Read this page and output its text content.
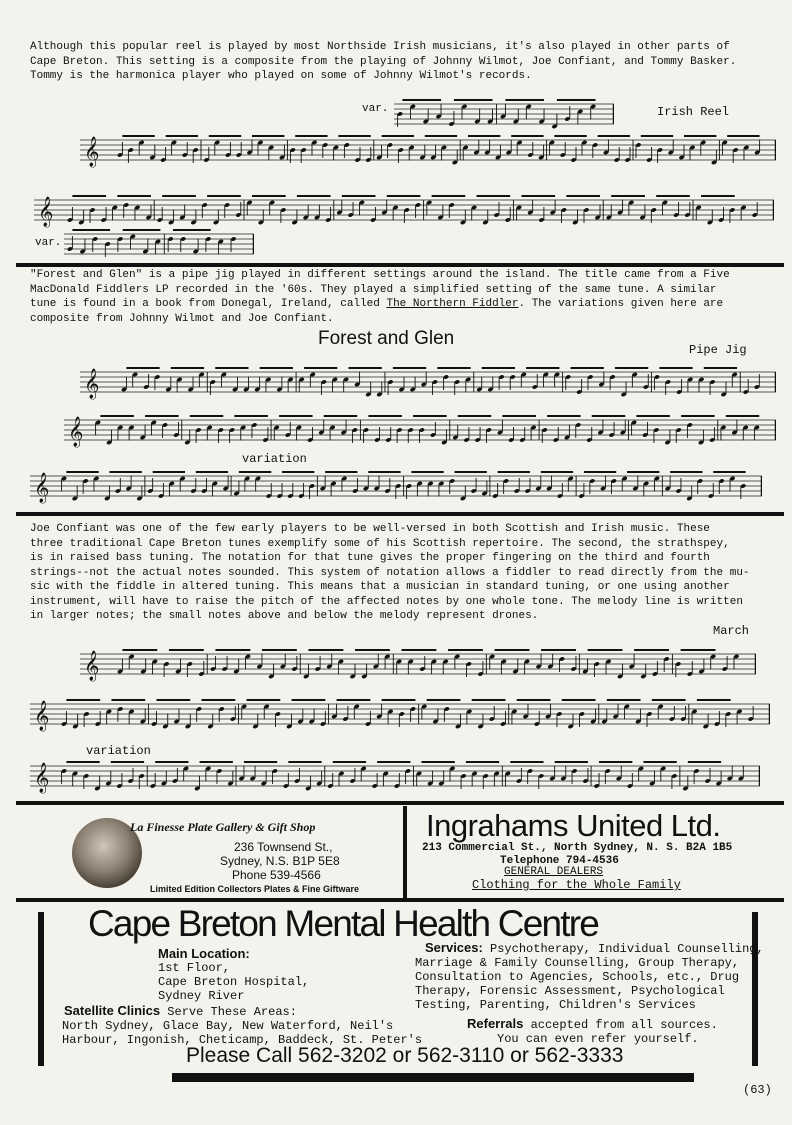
Although this popular reel is played by most Northside Irish musicians, it's also played in other parts of
Cape Breton. This setting is a composite from the playing of Johnny Wilmot, Joe Confiant, and Tommy Basker.
Tommy is the harmonica player who played on some of Johnny Wilmot's records.
var.	Irish Reel
𝄞
𝄞
var.
"Forest and Glen" is a pipe jig played in different settings around the island. The title came from a Five
MacDonald Fiddlers LP recorded in the '60s. They played a simplified setting of the same tune. A similar
tune is found in a book from Donegal, Ireland, called The Northern Fiddler. The variations given here are
composite from Johnny Wilmot and Joe Confiant.
Forest and Glen
Pipe Jig
𝄞
𝄞
variation
𝄞
Joe Confiant was one of the few early players to be well-versed in both Scottish and Irish music. These
three traditional Cape Breton tunes exemplify some of his Scottish repertoire. The second, the strathspey,
is in raised bass tuning. The notation for that tune gives the proper fingering on the third and fourth
strings--not the actual notes sounded. This system of notation allows a fiddler to read directly from the mu-
sic with the fiddle in altered tuning. This means that a musician in standard tuning, or one using another
instrument, will have to raise the pitch of the affected notes by one whole tone. The melody line is written
in larger notes; the small notes above and below the melody represent drones.
March
𝄞
𝄞
variation
𝄞
La Finesse Plate Gallery & Gift Shop
236 Townsend St.,
Sydney, N.S. B1P 5E8
Phone 539-4566
Limited Edition Collectors Plates & Fine Giftware
Ingrahams United Ltd.
213 Commercial St., North Sydney, N. S. B2A 1B5
Telephone 794-4536
GENERAL DEALERS
Clothing for the Whole Family
Cape Breton Mental Health Centre
Main Location:
1st Floor,
Cape Breton Hospital,
Sydney River
Services: Psychotherapy, Individual Counselling,
Marriage & Family Counselling, Group Therapy,
Consultation to Agencies, Schools, etc., Drug
Therapy, Forensic Assessment, Psychological
Testing, Parenting, Children's Services
Satellite Clinics Serve These Areas:
North Sydney, Glace Bay, New Waterford, Neil's
Harbour, Ingonish, Cheticamp, Baddeck, St. Peter's
Referrals accepted from all sources.
You can even refer yourself.
Please Call 562-3202 or 562-3110 or 562-3333
(63)
